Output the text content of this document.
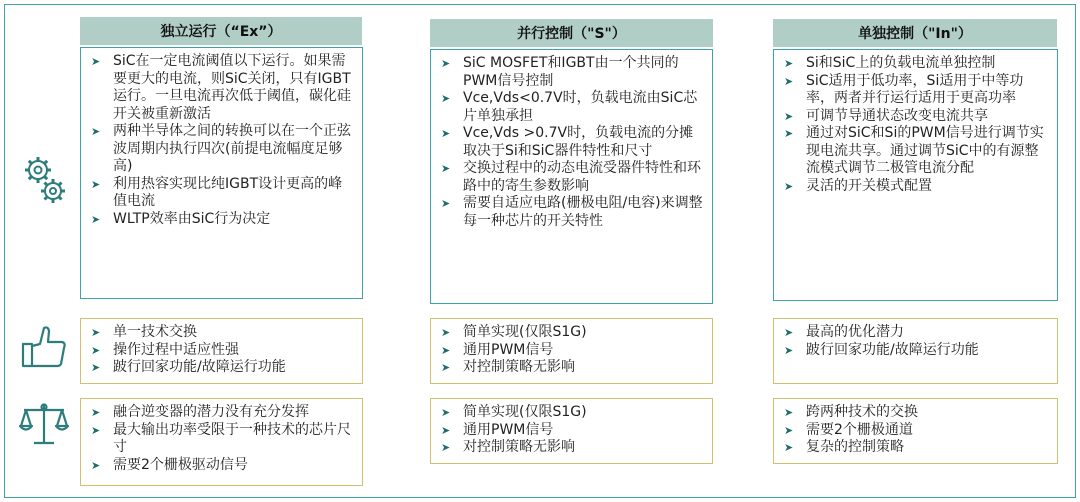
独立运行（“Ex”）
➤ SiC在一定电流阈值以下运行。如果需要更大的电流，则SiC关闭，只有IGBT运行。一旦电流再次低于阈值，碳化硅开关被重新激活
➤ 两种半导体之间的转换可以在一个正弦波周期内执行四次(前提电流幅度足够高)
➤ 利用热容实现比纯IGBT设计更高的峰值电流
➤ WLTP效率由SiC行为决定
➤ 单一技术交换
➤ 操作过程中适应性强
➤ 跛行回家功能/故障运行功能
➤ 融合逆变器的潜力没有充分发挥
➤ 最大输出功率受限于一种技术的芯片尺寸
➤ 需要2个栅极驱动信号
并行控制（"S"）
➤ SiC MOSFET和IGBT由一个共同的PWM信号控制
➤ Vce,Vds<0.7V时，负载电流由SiC芯片单独承担
➤ Vce,Vds >0.7V时，负载电流的分摊取决于Si和SiC器件特性和尺寸
➤ 交换过程中的动态电流受器件特性和环路中的寄生参数影响
➤ 需要自适应电路(栅极电阻/电容)来调整每一种芯片的开关特性
➤ 简单实现(仅限S1G)
➤ 通用PWM信号
➤ 对控制策略无影响
➤ 简单实现(仅限S1G)
➤ 通用PWM信号
➤ 对控制策略无影响
单独控制（"In"）
➤ Si和SiC上的负载电流单独控制
➤ SiC适用于低功率，Si适用于中等功率，两者并行运行适用于更高功率
➤ 可调节导通状态改变电流共享
➤ 通过对SiC和Si的PWM信号进行调节实现电流共享。通过调节SiC中的有源整流模式调节二极管电流分配
➤ 灵活的开关模式配置
➤ 最高的优化潜力
➤ 跛行回家功能/故障运行功能
➤ 跨两种技术的交换
➤ 需要2个栅极通道
➤ 复杂的控制策略
